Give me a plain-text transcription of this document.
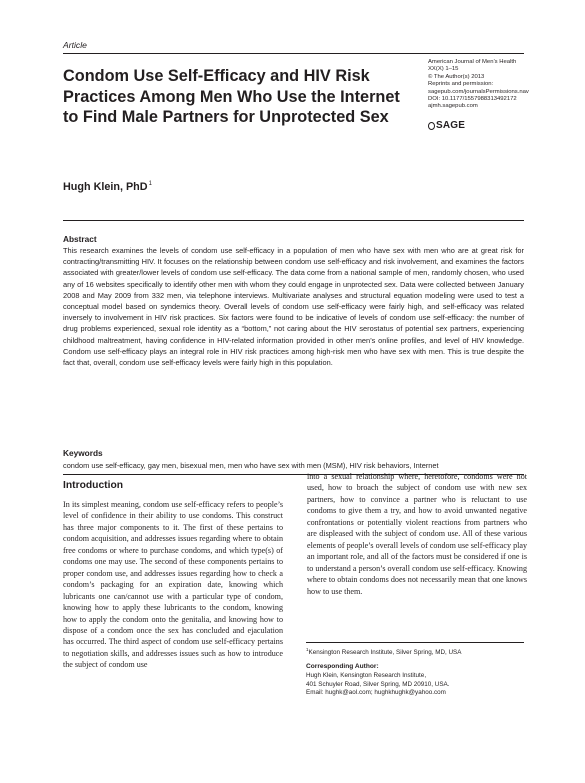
Article
Condom Use Self-Efficacy and HIV Risk Practices Among Men Who Use the Internet to Find Male Partners for Unprotected Sex
American Journal of Men’s Health
XX(X) 1–15
© The Author(s) 2013
Reprints and permission:
sagepub.com/journalsPermissions.nav
DOI: 10.1177/1557988313492172
ajmh.sagepub.com
SAGE
Hugh Klein, PhD$^1$
Abstract
This research examines the levels of condom use self-efficacy in a population of men who have sex with men who are at great risk for contracting/transmitting HIV. It focuses on the relationship between condom use self-efficacy and risk involvement, and examines the factors associated with greater/lower levels of condom use self-efficacy. The data come from a national sample of men, randomly chosen, who used any of 16 websites specifically to identify other men with whom they could engage in unprotected sex. Data were collected between January 2008 and May 2009 from 332 men, via telephone interviews. Multivariate analyses and structural equation modeling were used to test a conceptual model based on syndemics theory. Overall levels of condom use self-efficacy were fairly high, and self-efficacy was related inversely to involvement in HIV risk practices. Six factors were found to be indicative of levels of condom use self-efficacy: the number of drug problems experienced, sexual role identity as a “bottom,” not caring about the HIV serostatus of potential sex partners, experiencing childhood maltreatment, having confidence in HIV-related information provided in other men’s online profiles, and level of HIV knowledge. Condom use self-efficacy plays an integral role in HIV risk practices among high-risk men who have sex with men. This is true despite the fact that, overall, condom use self-efficacy levels were fairly high in this population.
Keywords
condom use self-efficacy, gay men, bisexual men, men who have sex with men (MSM), HIV risk behaviors, Internet
Introduction
In its simplest meaning, condom use self-efficacy refers to people’s level of confidence in their ability to use condoms. This construct has three major components to it. The first of these pertains to condom acquisition, and addresses issues regarding where to obtain free condoms or where to purchase condoms, and which type(s) of condoms one may use. The second of these components pertains to proper condom use, and addresses issues regarding how to check a condom’s packaging for an expiration date, knowing which lubricants one can/cannot use with a particular type of condom, knowing how to apply these lubricants to the condom, knowing how to apply the condom onto the genitalia, and knowing how to dispose of a condom once the sex has concluded and ejaculation has occurred. The third aspect of condom use self-efficacy pertains to negotiation skills, and addresses issues such as how to introduce the subject of condom use
into a sexual relationship where, heretofore, condoms were not used, how to broach the subject of condom use with new sex partners, how to convince a partner who is reluctant to use condoms to give them a try, and how to avoid unwanted negative confrontations or potentially violent reactions from partners who are displeased with the subject of condom use. All of these various elements of people’s overall levels of condom use self-efficacy play an important role, and all of the factors must be considered if one is to understand a person’s overall condom use self-efficacy. Knowing where to obtain condoms does not necessarily mean that one knows how to use them.
$^1$Kensington Research Institute, Silver Spring, MD, USA
Corresponding Author:
Hugh Klein, Kensington Research Institute,
401 Schuyler Road, Silver Spring, MD 20910, USA.
Email: hughk@aol.com; hughkhughk@yahoo.com
